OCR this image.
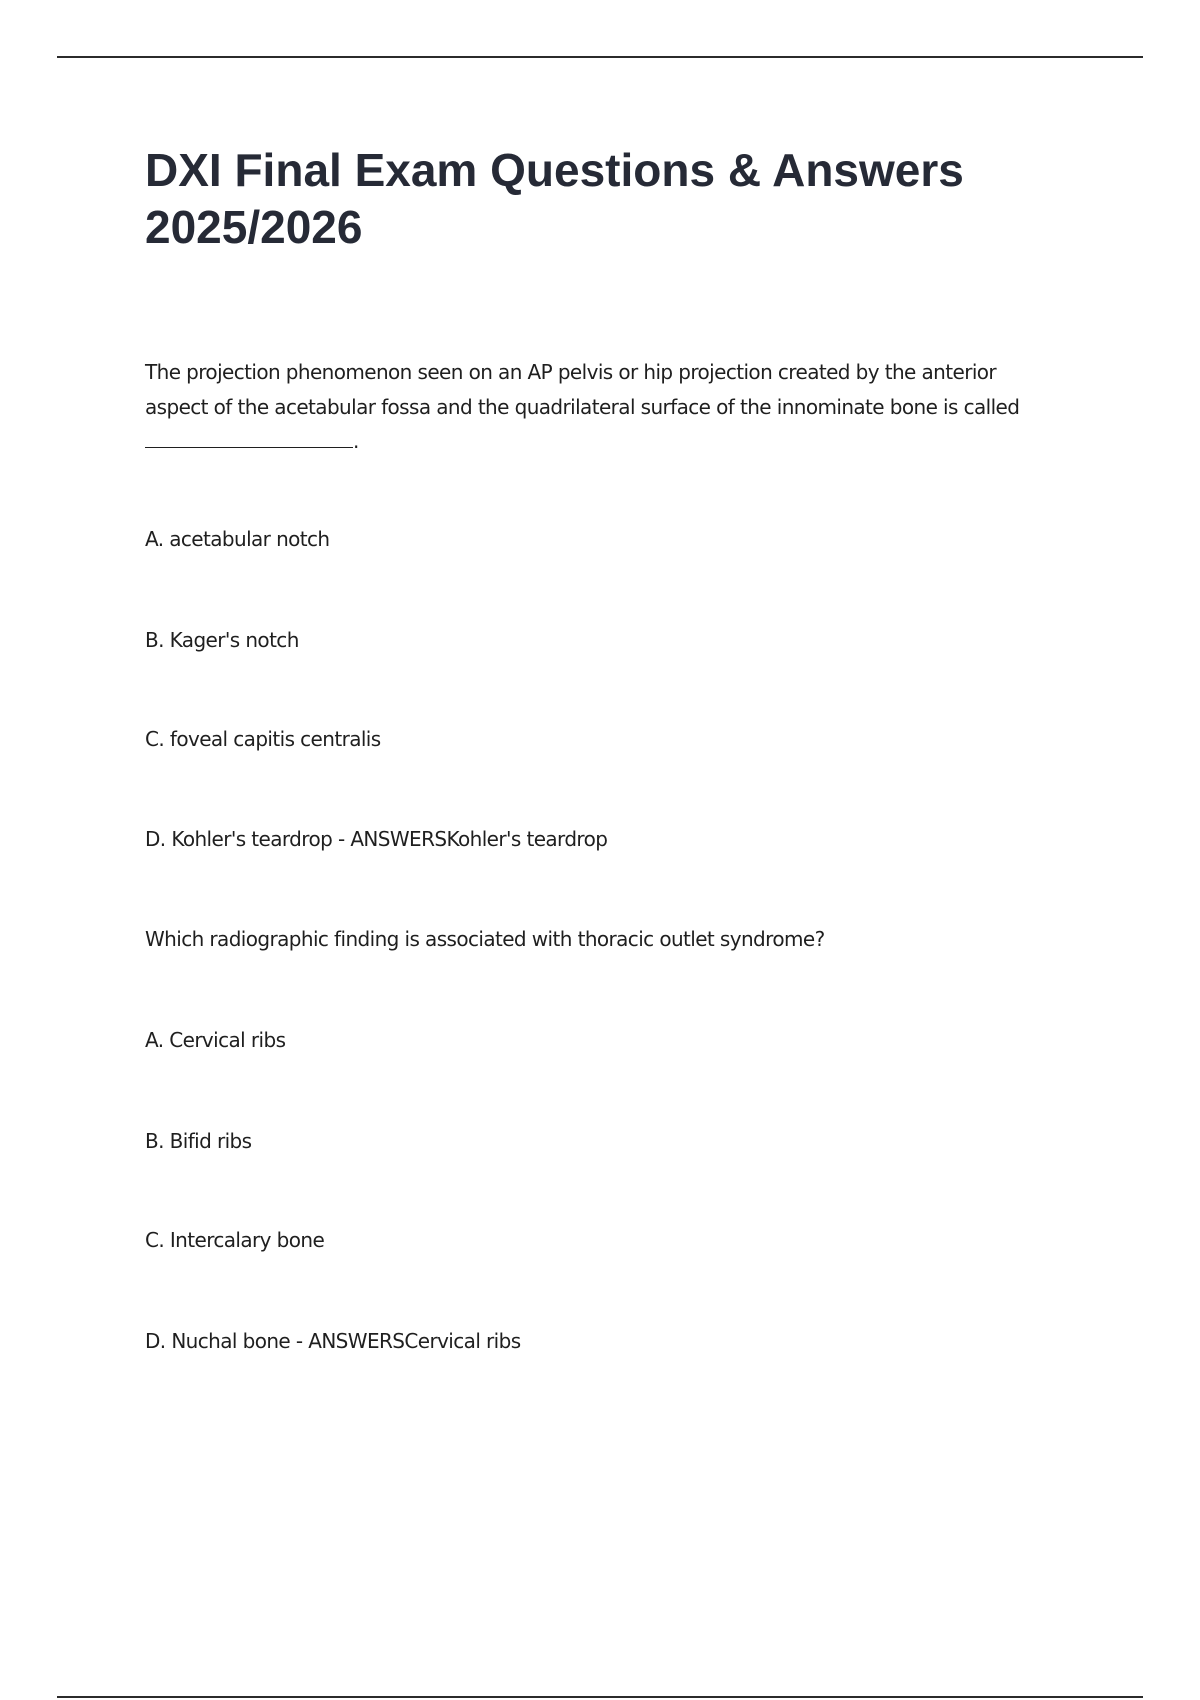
DXI Final Exam Questions & Answers
2025/2026

The projection phenomenon seen on an AP pelvis or hip projection created by the anterior

aspect of the acetabular fossa and the quadrilateral surface of the innominate bone is called

.

A. acetabular notch

B. Kager's notch

C. foveal capitis centralis

D. Kohler's teardrop - ANSWERSKohler's teardrop

Which radiographic finding is associated with thoracic outlet syndrome?

A. Cervical ribs

B. Bifid ribs

C. Intercalary bone

D. Nuchal bone - ANSWERSCervical ribs
